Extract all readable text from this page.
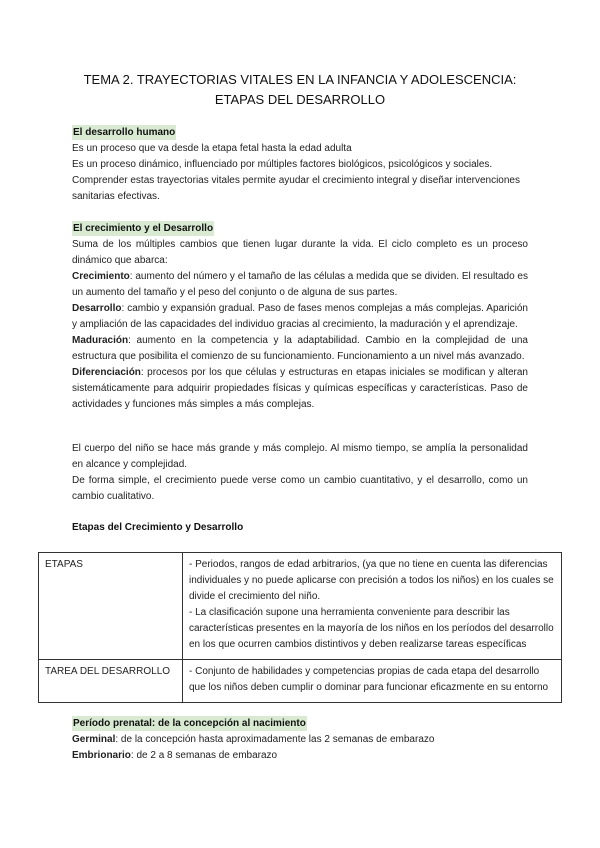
TEMA 2. TRAYECTORIAS VITALES EN LA INFANCIA Y ADOLESCENCIA:
ETAPAS DEL DESARROLLO
El desarrollo humano

Es un proceso que va desde la etapa fetal hasta la edad adulta

Es un proceso dinámico, influenciado por múltiples factores biológicos, psicológicos y sociales.

Comprender estas trayectorias vitales permite ayudar el crecimiento integral y diseñar intervenciones sanitarias efectivas.

El crecimiento y el Desarrollo

Suma de los múltiples cambios que tienen lugar durante la vida. El ciclo completo es un proceso dinámico que abarca:

Crecimiento: aumento del número y el tamaño de las células a medida que se dividen. El resultado es un aumento del tamaño y el peso del conjunto o de alguna de sus partes.

Desarrollo: cambio y expansión gradual. Paso de fases menos complejas a más complejas. Aparición y ampliación de las capacidades del individuo gracias al crecimiento, la maduración y el aprendizaje.

Maduración: aumento en la competencia y la adaptabilidad. Cambio en la complejidad de una estructura que posibilita el comienzo de su funcionamiento. Funcionamiento a un nivel más avanzado.

Diferenciación: procesos por los que células y estructuras en etapas iniciales se modifican y alteran sistemáticamente para adquirir propiedades físicas y químicas específicas y características. Paso de actividades y funciones más simples a más complejas.

El cuerpo del niño se hace más grande y más complejo. Al mismo tiempo, se amplía la personalidad en alcance y complejidad.

De forma simple, el crecimiento puede verse como un cambio cuantitativo, y el desarrollo, como un cambio cualitativo.

Etapas del Crecimiento y Desarrollo
ETAPAS	- Periodos, rangos de edad arbitrarios, (ya que no tiene en cuenta las diferencias individuales y no puede aplicarse con precisión a todos los niños) en los cuales se divide el crecimiento del niño.
- La clasificación supone una herramienta conveniente para describir las características presentes en la mayoría de los niños en los períodos del desarrollo en los que ocurren cambios distintivos y deben realizarse tareas específicas

TAREA DEL DESARROLLO	- Conjunto de habilidades y competencias propias de cada etapa del desarrollo que los niños deben cumplir o dominar para funcionar eficazmente en su entorno
Período prenatal: de la concepción al nacimiento

Germinal: de la concepción hasta aproximadamente las 2 semanas de embarazo

Embrionario: de 2 a 8 semanas de embarazo
